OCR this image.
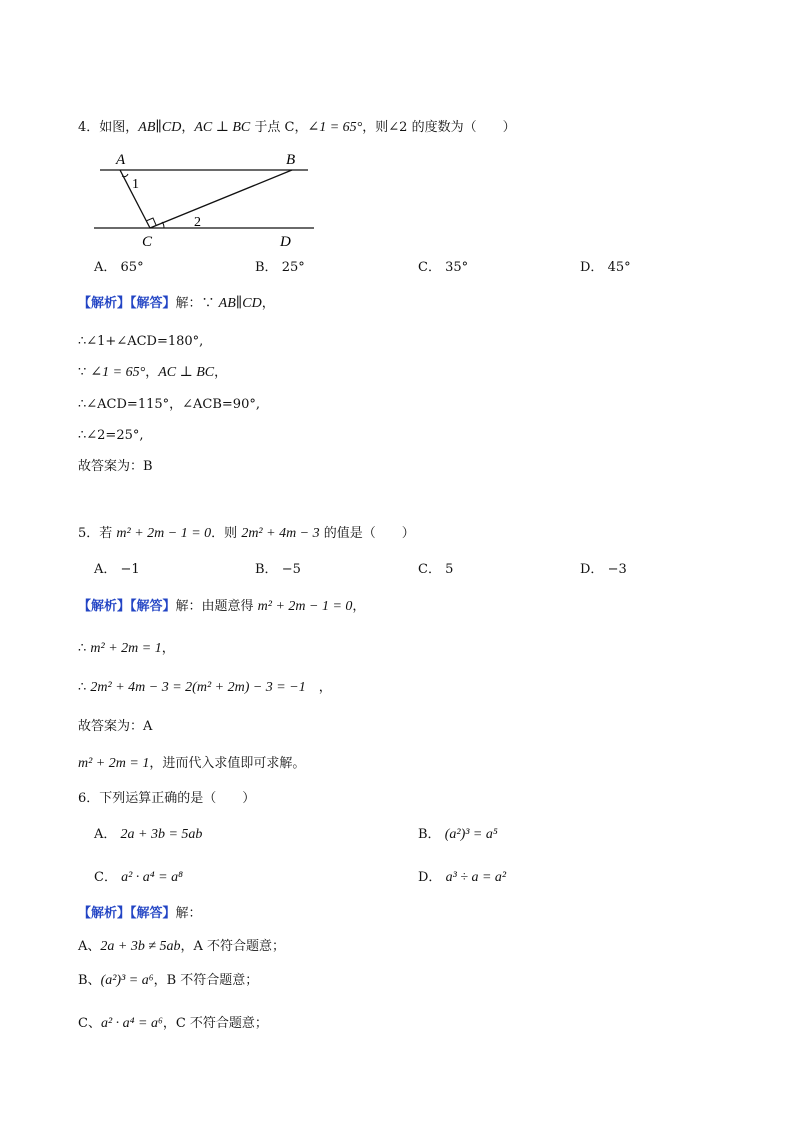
4．如图，AB∥CD，AC ⊥ BC 于点 C，∠1 = 65°，则∠2 的度数为（　　）
A	B
C	D
1
2
A． 65°	B． 25°	C． 35°	D． 45°
【解析】【解答】解：∵ AB∥CD，
∴∠1+∠ACD=180°,
∵ ∠1 = 65°，AC ⊥ BC，
∴∠ACD=115°，∠ACB=90°,
∴∠2=25°,
故答案为：B
5．若 m² + 2m − 1 = 0．则 2m² + 4m − 3 的值是（　　）
A． −1	B． −5	C． 5	D． −3
【解析】【解答】解：由题意得 m² + 2m − 1 = 0，
∴ m² + 2m = 1，
∴ 2m² + 4m − 3 = 2(m² + 2m) − 3 = −1　，
故答案为：A
m² + 2m = 1，进而代入求值即可求解。
6．下列运算正确的是（　　）
A． 2a + 3b = 5ab	B． (a²)³ = a⁵
C． a² · a⁴ = a⁸	D． a³ ÷ a = a²
【解析】【解答】解：
A、2a + 3b ≠ 5ab，A 不符合题意；
B、(a²)³ = a⁶，B 不符合题意；
C、a² · a⁴ = a⁶，C 不符合题意；
